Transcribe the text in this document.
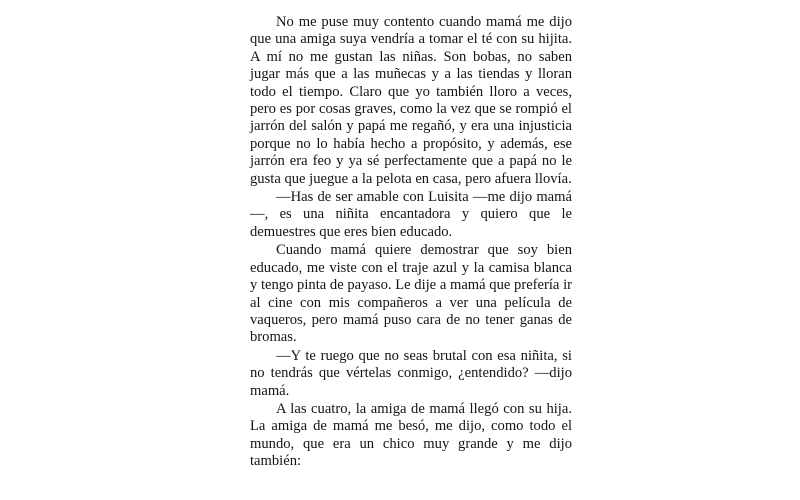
No me puse muy contento cuando mamá me dijo que una amiga suya vendría a tomar el té con su hijita. A mí no me gustan las niñas. Son bobas, no saben jugar más que a las muñecas y a las tiendas y lloran todo el tiempo. Claro que yo también lloro a veces, pero es por cosas graves, como la vez que se rompió el jarrón del salón y papá me regañó, y era una injusticia porque no lo había hecho a propósito, y además, ese jarrón era feo y ya sé perfectamente que a papá no le gusta que juegue a la pelota en casa, pero afuera llovía.

—Has de ser amable con Luisita —me dijo mamá—, es una niñita encantadora y quiero que le demuestres que eres bien educado.

Cuando mamá quiere demostrar que soy bien educado, me viste con el traje azul y la camisa blanca y tengo pinta de payaso. Le dije a mamá que prefería ir al cine con mis compañeros a ver una película de vaqueros, pero mamá puso cara de no tener ganas de bromas.

—Y te ruego que no seas brutal con esa niñita, si no tendrás que vértelas conmigo, ¿entendido? —dijo mamá.

A las cuatro, la amiga de mamá llegó con su hija. La amiga de mamá me besó, me dijo, como todo el mundo, que era un chico muy grande y me dijo también:
